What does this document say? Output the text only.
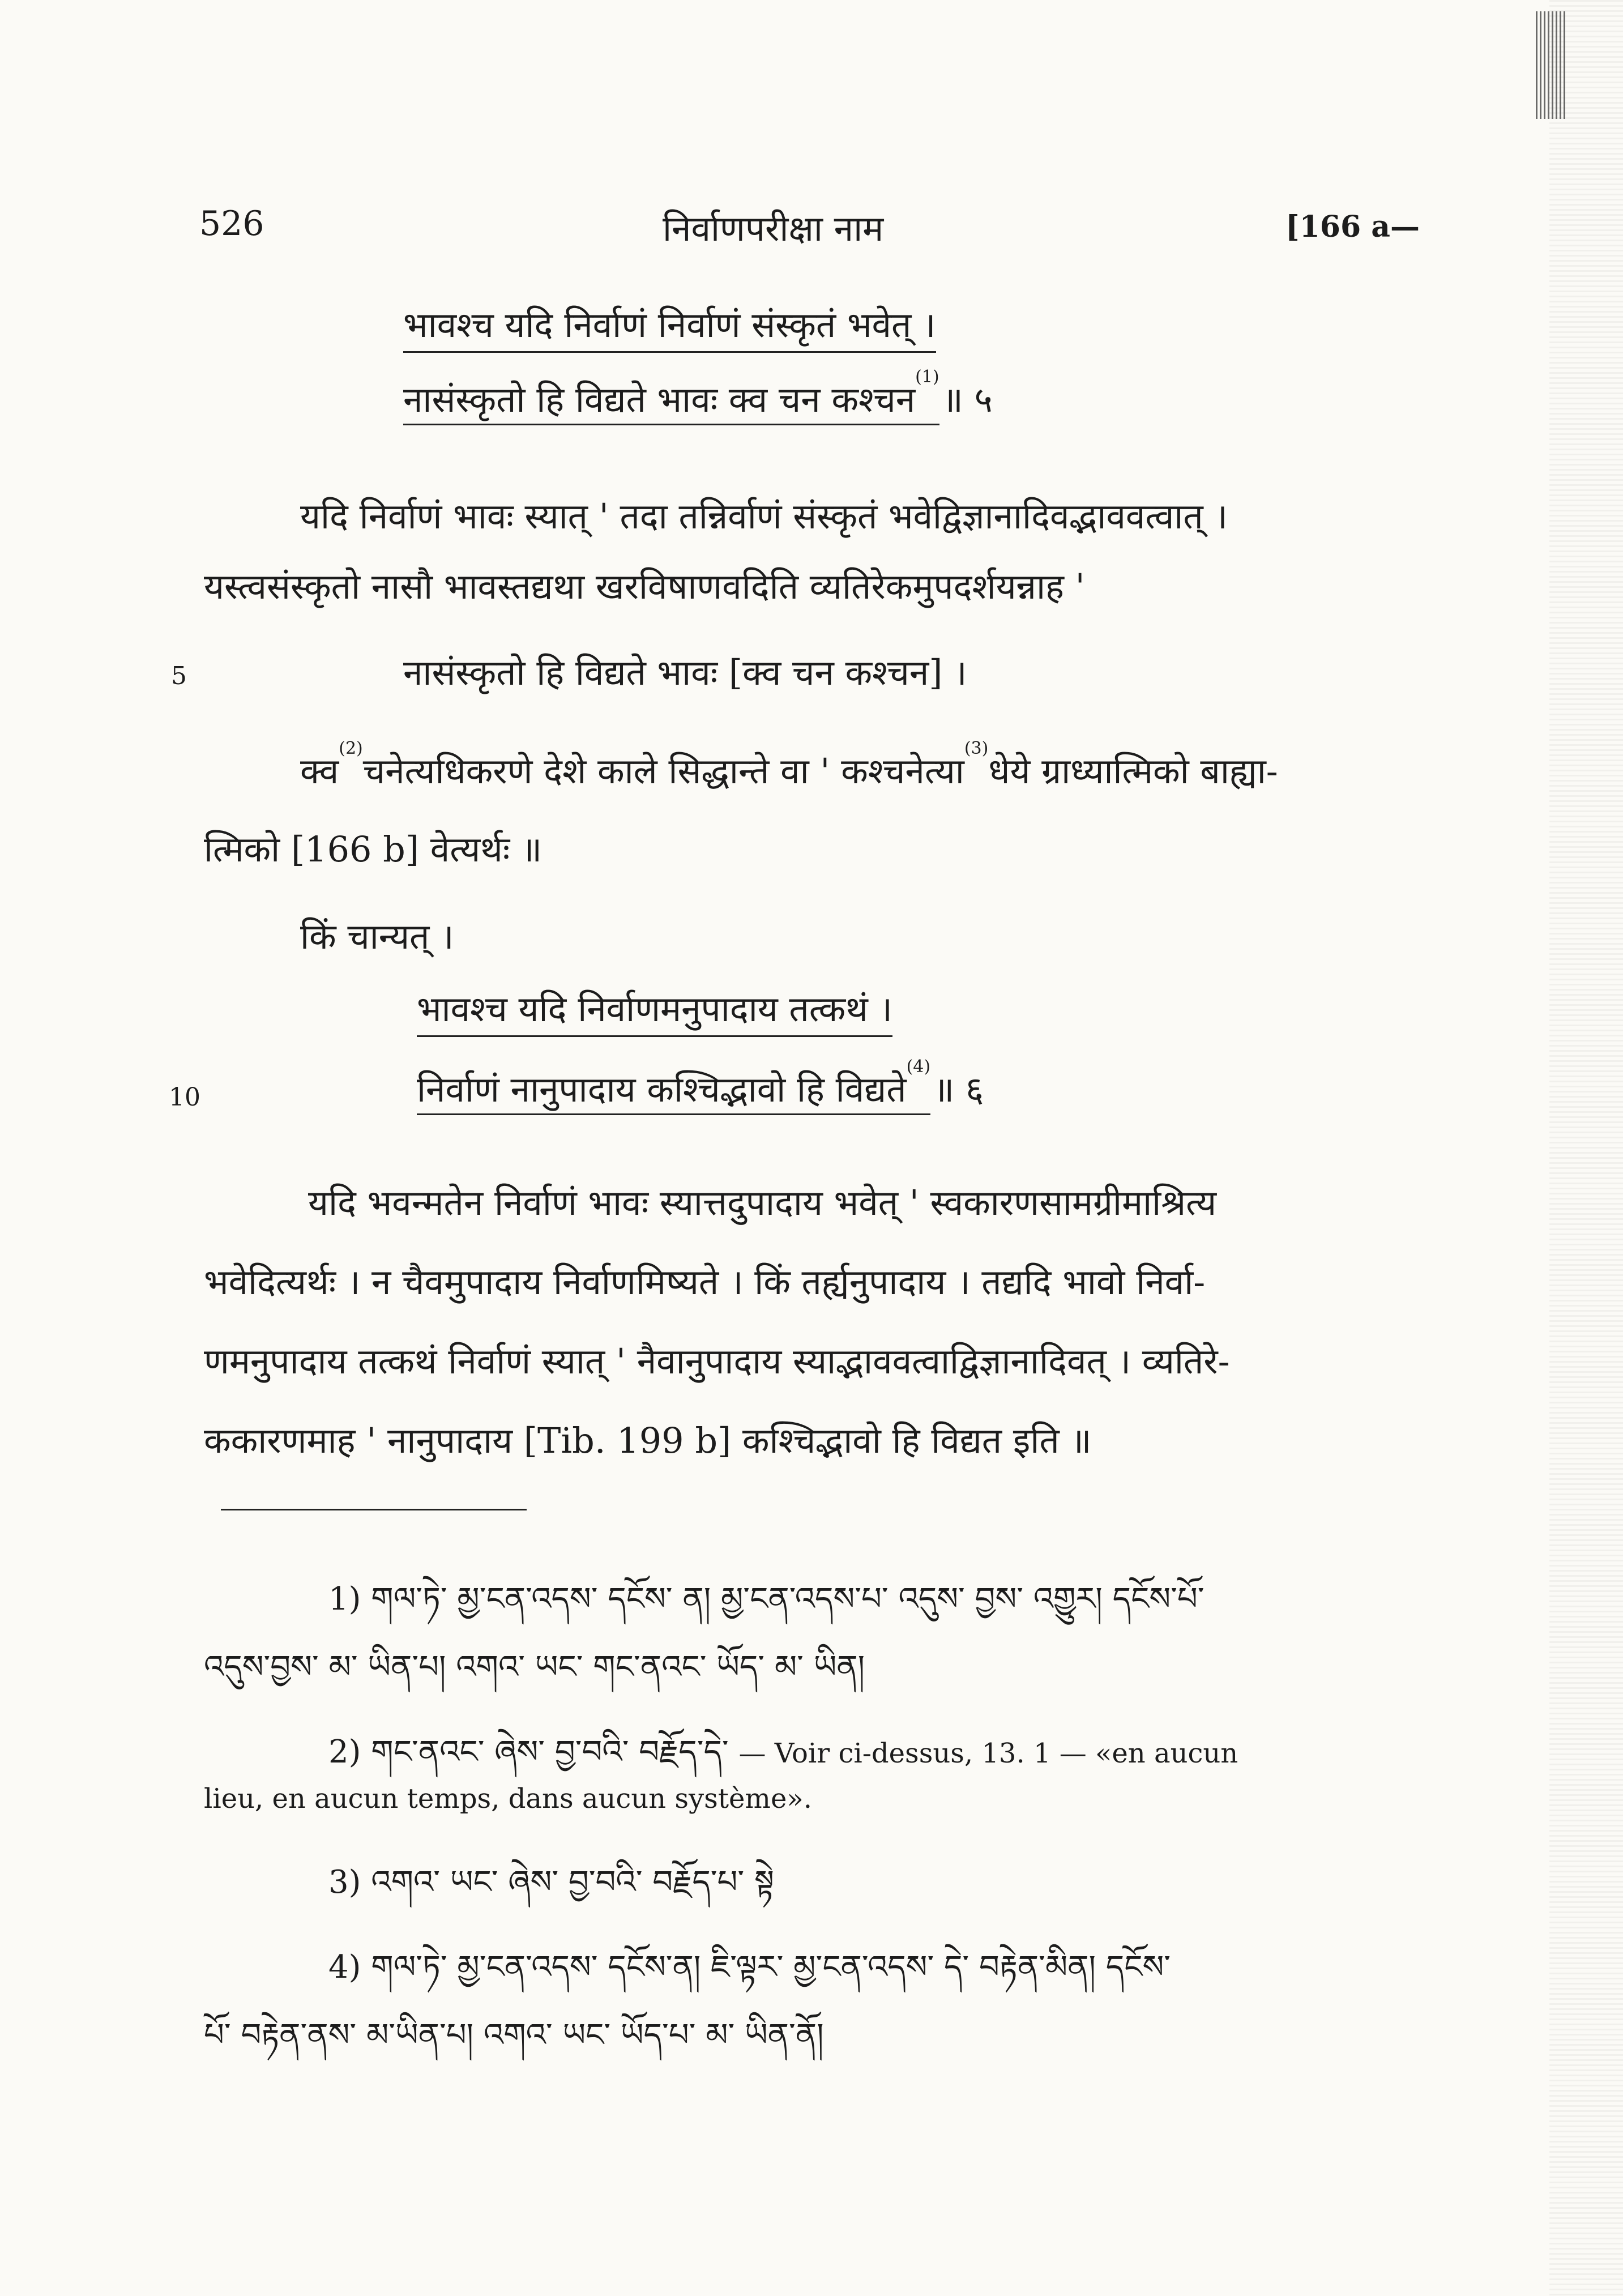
526	निर्वाणपरीक्षा नाम	[166 a—
भावश्च यदि निर्वाणं निर्वाणं संस्कृतं भवेत् ।
नासंस्कृतो हि विद्यते भावः क्व चन कश्चन$^{(1)}$ ॥ ५
यदि निर्वाणं भावः स्यात् ' तदा तन्निर्वाणं संस्कृतं भवेद्विज्ञानादिवद्भाववत्वात् ।
यस्त्वसंस्कृतो नासौ भावस्तद्यथा खरविषाणवदिति व्यतिरेकमुपदर्शयन्नाह '
5	नासंस्कृतो हि विद्यते भावः [क्व चन कश्चन] ।
क्व$^{(2)}$चनेत्यधिकरणे देशे काले सिद्धान्ते वा ' कश्चनेत्या$^{(3)}$धेये ग्राध्यात्मिको बाह्या-
त्मिको [166 b] वेत्यर्थः ॥
किं चान्यत् ।
भावश्च यदि निर्वाणमनुपादाय तत्कथं ।
10	निर्वाणं नानुपादाय कश्चिद्भावो हि विद्यते$^{(4)}$ ॥ ६
यदि भवन्मतेन निर्वाणं भावः स्यात्तदुपादाय भवेत् ' स्वकारणसामग्रीमाश्रित्य
भवेदित्यर्थः । न चैवमुपादाय निर्वाणमिष्यते । किं तर्ह्यनुपादाय । तद्यदि भावो निर्वा-
णमनुपादाय तत्कथं निर्वाणं स्यात् ' नैवानुपादाय स्याद्भाववत्वाद्विज्ञानादिवत् । व्यतिरे-
ककारणमाह ' नानुपादाय [Tib. 199 b] कश्चिद्भावो हि विद्यत इति ॥
1) གལ་ཏེ་ མྱ་ངན་འདས་ དངོས་ ན། མྱ་ངན་འདས་པ་ འདུས་ བྱས་ འགྱུར། དངོས་པོ་
འདུས་བྱས་ མ་ ཡིན་པ། འགའ་ ཡང་ གང་ནའང་ ཡོད་ མ་ ཡིན།
2) གང་ནའང་ ཞེས་ བྱ་བའི་ བརྗོད་དེ་ — Voir ci-dessus, 13. 1 — «en aucun
lieu, en aucun temps, dans aucun système».
3) འགའ་ ཡང་ ཞེས་ བྱ་བའི་ བརྗོད་པ་ སྟེ
4) གལ་ཏེ་ མྱ་ངན་འདས་ དངོས་ན། ཇི་ལྟར་ མྱ་ངན་འདས་ དེ་ བརྟེན་མིན། དངོས་
པོ་ བརྟེན་ནས་ མ་ཡིན་པ། འགའ་ ཡང་ ཡོད་པ་ མ་ ཡིན་ནོ།
